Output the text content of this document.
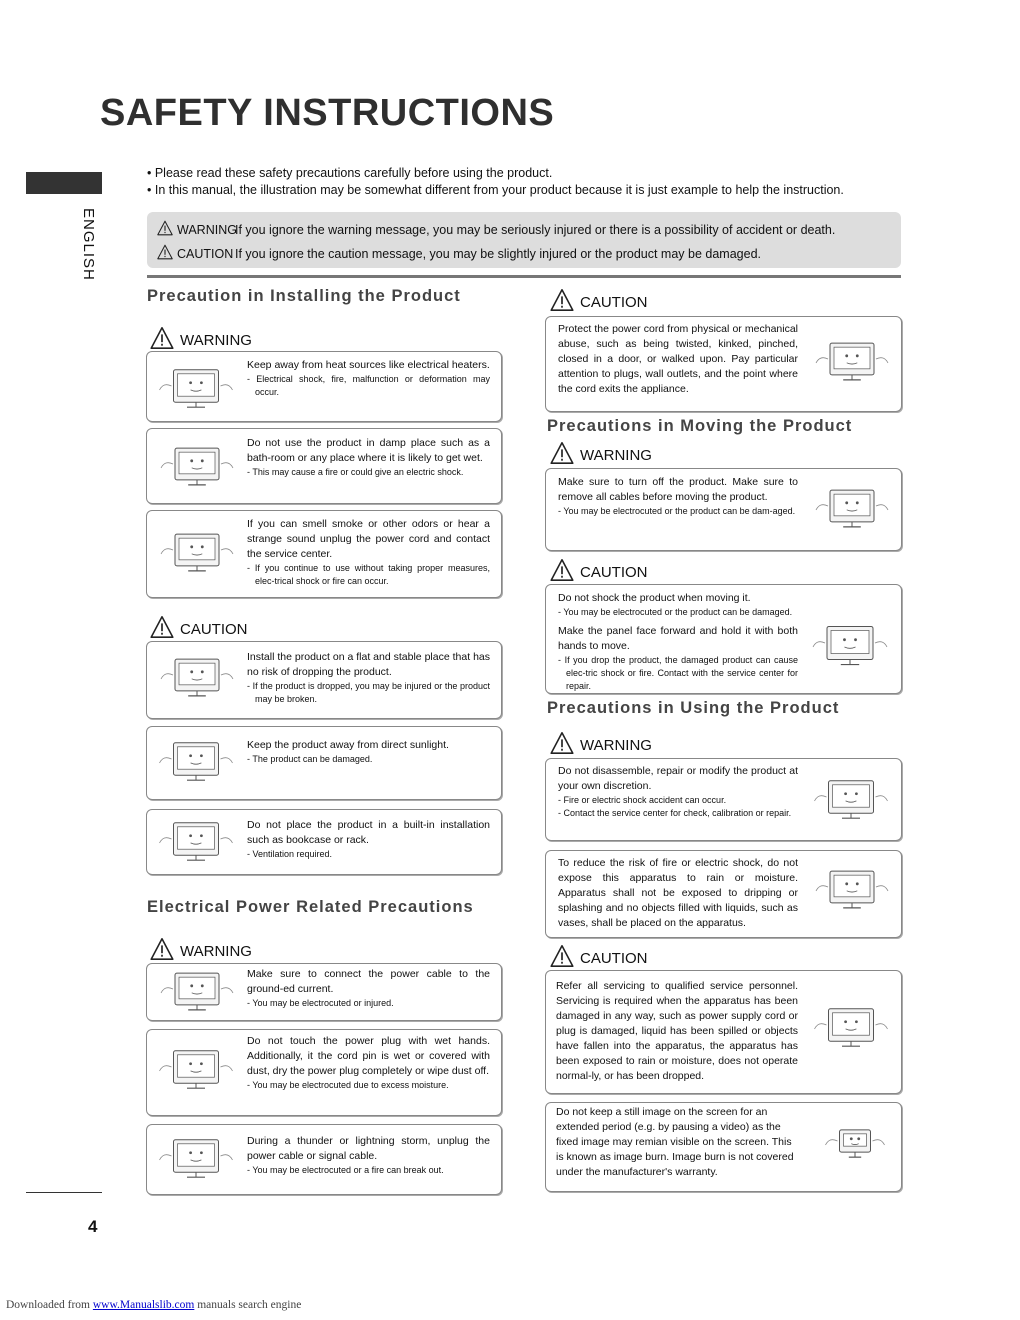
SAFETY INSTRUCTIONS
ENGLISH
• Please read these safety precautions carefully before using the product.
• In this manual, the illustration may be somewhat different from your product because it is just example to help the instruction.
WARNING
If you ignore the warning message, you may be seriously injured or there is a possibility of accident or death.
CAUTION If you ignore the caution message, you may be slightly injured or the product may be damaged.
Precaution in Installing the Product
WARNING
Keep away from heat sources like electrical heaters.
- Electrical shock, fire, malfunction or deformation may occur.
Do not use the product in damp place such as a bath-room or any place where it is likely to get wet.
- This may cause a fire or could give an electric shock.
If you can smell smoke or other odors or hear a strange sound unplug the power cord and contact the service center.
- If you continue to use without taking proper measures, elec-trical shock or fire can occur.
CAUTION
Install the product on a flat and stable place that has no risk of dropping the product.
- If the product is dropped, you may be injured or the product may be broken.
Keep the product away from direct sunlight.
- The product can be damaged.
Do not place the product in a built-in installation such as bookcase or rack.
- Ventilation required.
Electrical Power Related Precautions
WARNING
Make sure to connect the power cable to the ground-ed current.
- You may be electrocuted or injured.
Do not touch the power plug with wet hands. Additionally, it the cord pin is wet or covered with dust, dry the power plug completely or wipe dust off.
- You may be electrocuted due to excess moisture.
During a thunder or lightning storm, unplug the power cable or signal cable.
- You may be electrocuted or a fire can break out.
CAUTION
Protect the power cord from physical or mechanical abuse, such as being twisted, kinked, pinched, closed in a door, or walked upon. Pay particular attention to plugs, wall outlets, and the point where the cord exits the appliance.
Precautions in Moving the Product
WARNING
Make sure to turn off the product. Make sure to remove all cables before moving the product.
- You may be electrocuted or the product can be dam-aged.
CAUTION
Do not shock the product when moving it.
- You may be electrocuted or the product can be damaged.
Make the panel face forward and hold it with both hands to move.
- If you drop the product, the damaged product can cause elec-tric shock or fire. Contact with the service center for repair.
Precautions in Using the Product
WARNING
Do not disassemble, repair or modify the product at your own discretion.
- Fire or electric shock accident can occur.
- Contact the service center for check, calibration or repair.
To reduce the risk of fire or electric shock, do not expose this apparatus to rain or moisture. Apparatus shall not be exposed to dripping or splashing and no objects filled with liquids, such as vases, shall be placed on the apparatus.
CAUTION
Refer all servicing to qualified service personnel. Servicing is required when the apparatus has been damaged in any way, such as power supply cord or plug is damaged, liquid has been spilled or objects have fallen into the apparatus, the apparatus has been exposed to rain or moisture, does not operate normal-ly, or has been dropped.
Do not keep a still image on the screen for an extended period (e.g. by pausing a video) as the fixed image may remian visible on the screen. This is known as image burn. Image burn is not covered under the manufacturer's warranty.
4
Downloaded from www.Manualslib.com manuals search engine
